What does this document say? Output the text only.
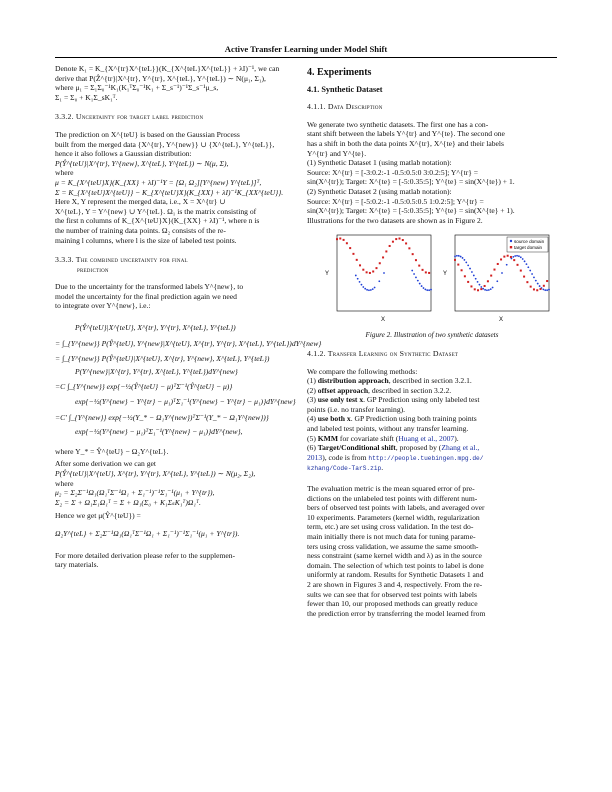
Active Transfer Learning under Model Shift
Denote K₁ = K_{X^{tr}X^{teL}}(K_{X^{teL}X^{teL}} + λI)⁻¹, we can
derive that P(Ẑ^{tr}|X^{tr}, Y^{tr}, X^{teL}, Y^{teL}) ∼ N(μ₁, Σ₁),
where μ₁ = Σ₁Σ₀⁻¹K₁(K₁ᵀΣ₀⁻¹K₁ + Σ_s⁻¹)⁻¹Σ_s⁻¹μ_s,
Σ₁ = Σ₀ + K₁Σ_sK₁ᵀ.
3.3.2. Uncertainty for target label prediction
The prediction on X^{teU} is based on the Gaussian Process
built from the merged data {X^{tr}, Y^{new}} ∪ {X^{teL}, Y^{teL}},
hence it also follows a Gaussian distribution:
P(Ŷ^{teU}|X^{tr}, Y^{new}, X^{teL}, Y^{teL}) ∼ N(μ, Σ),
where
μ = K_{X^{teU}X}(K_{XX} + λI)⁻¹Y = [Ω₁ Ω₂][Y^{new} Y^{teL}]ᵀ,
Σ = K_{X^{teU}X^{teU}} − K_{X^{teU}X}(K_{XX} + λI)⁻¹K_{XX^{teU}}.
Here X, Y represent the merged data, i.e., X = X^{tr} ∪
X^{teL}, Y = Y^{new} ∪ Y^{teL}. Ω₁ is the matrix consisting of
the first n columns of K_{X^{teU}X}(K_{XX} + λI)⁻¹, where n is
the number of training data points. Ω₂ consists of the re-
maining l columns, where l is the size of labeled test points.
3.3.3. The combined uncertainty for final
prediction
Due to the uncertainty for the transformed labels Y^{new}, to
model the uncertainty for the final prediction again we need
to integrate over Y^{new}, i.e.:
P(Ŷ^{teU}|X^{teU}, X^{tr}, Y^{tr}, X^{teL}, Y^{teL})
= ∫_{Y^{new}} P(Ŷ^{teU}, Y^{new}|X^{teU}, X^{tr}, Y^{tr}, X^{teL}, Y^{teL})dY^{new}
= ∫_{Y^{new}} P(Ŷ^{teU}|X^{teU}, X^{tr}, Y^{new}, X^{teL}, Y^{teL})
P(Y^{new}|X^{tr}, Y^{tr}, X^{teL}, Y^{teL})dY^{new}
=C ∫_{Y^{new}} exp{−½(Ŷ^{teU} − μ)ᵀΣ⁻¹(Ŷ^{teU} − μ)}
exp{−½(Y^{new} − Y^{tr} − μ₁)ᵀΣ₁⁻¹(Y^{new} − Y^{tr} − μ₁)}dY^{new}
=C′ ∫_{Y^{new}} exp{−½(Y_* − Ω₁Y^{new})ᵀΣ⁻¹(Y_* − Ω₁Y^{new})}
exp{−½(Y^{new} − μ₁)ᵀΣ₁⁻¹(Y^{new} − μ₁)}dY^{new},
where Y_* = Ŷ^{teU} − Ω₂Y^{teL}.
After some derivation we can get
P(Ŷ^{teU}|X^{teU}, X^{tr}, Y^{tr}, X^{teL}, Y^{teL}) ∼ N(μ₂, Σ₂),
where
μ₂ = Σ₂Σ⁻¹Ω₁(Ω₁ᵀΣ⁻¹Ω₁ + Σ₁⁻¹)⁻¹Σ₁⁻¹(μ₁ + Y^{tr}),
Σ₂ = Σ + Ω₁Σ₁Ω₁ᵀ = Σ + Ω₁(Σ₀ + K₁ΣₛK₁ᵀ)Ω₁ᵀ.
Hence we get μ(Ŷ^{teU}) =
Ω₂Y^{teL} + Σ₂Σ⁻¹Ω₁(Ω₁ᵀΣ⁻¹Ω₁ + Σ₁⁻¹)⁻¹Σ₁⁻¹(μ₁ + Y^{tr}).
For more detailed derivation please refer to the supplemen-
tary materials.
4. Experiments
4.1. Synthetic Dataset
4.1.1. Data Description
We generate two synthetic datasets. The first one has a con-
stant shift between the labels Y^{tr} and Y^{te}. The second one
has a shift in both the data points X^{tr}, X^{te} and their labels
Y^{tr} and Y^{te}.
(1) Synthetic Dataset 1 (using matlab notation):
Source: X^{tr} = [-3:0.2:-1 -0.5:0.5:0 3:0.2:5]; Y^{tr} =
sin(X^{tr}); Target: X^{te} = [-5:0.35:5]; Y^{te} = sin(X^{te}) + 1.
(2) Synthetic Dataset 2 (using matlab notation):
Source: X^{tr} = [-5:0.2:-1 -0.5:0.5:0.5 1:0.2:5]; Y^{tr} =
sin(X^{tr}); Target: X^{te} = [-5:0.35:5]; Y^{te} = sin(X^{te} + 1).
Illustrations for the two datasets are shown as in Figure 2.
Y
X
source domain
target domain
Y
X
Figure 2. Illustration of two synthetic datasets
4.1.2. Transfer Learning on Synthetic Dataset
We compare the following methods:
(1) distribution approach, described in section 3.2.1.
(2) offset approach, described in section 3.2.2.
(3) use only test x. GP Prediction using only labeled test
points (i.e. no transfer learning).
(4) use both x. GP Prediction using both training points
and labeled test points, without any transfer learning.
(5) KMM for covariate shift (Huang et al., 2007).
(6) Target/Conditional shift, proposed by (Zhang et al.,
2013), code is from http://people.tuebingen.mpg.de/
kzhang/Code-TarS.zip.
The evaluation metric is the mean squared error of pre-
dictions on the unlabeled test points with different num-
bers of observed test points with labels, and averaged over
10 experiments. Parameters (kernel width, regularization
term, etc.) are set using cross validation. In the test do-
main initially there is not much data for tuning parame-
ters using cross validation, we assume the same smooth-
ness constraint (same kernel width and λ) as in the source
domain. The selection of which test points to label is done
uniformly at random. Results for Synthetic Datasets 1 and
2 are shown in Figures 3 and 4, respectively. From the re-
sults we can see that for observed test points with labels
fewer than 10, our proposed methods can greatly reduce
the prediction error by transferring the model learned from
